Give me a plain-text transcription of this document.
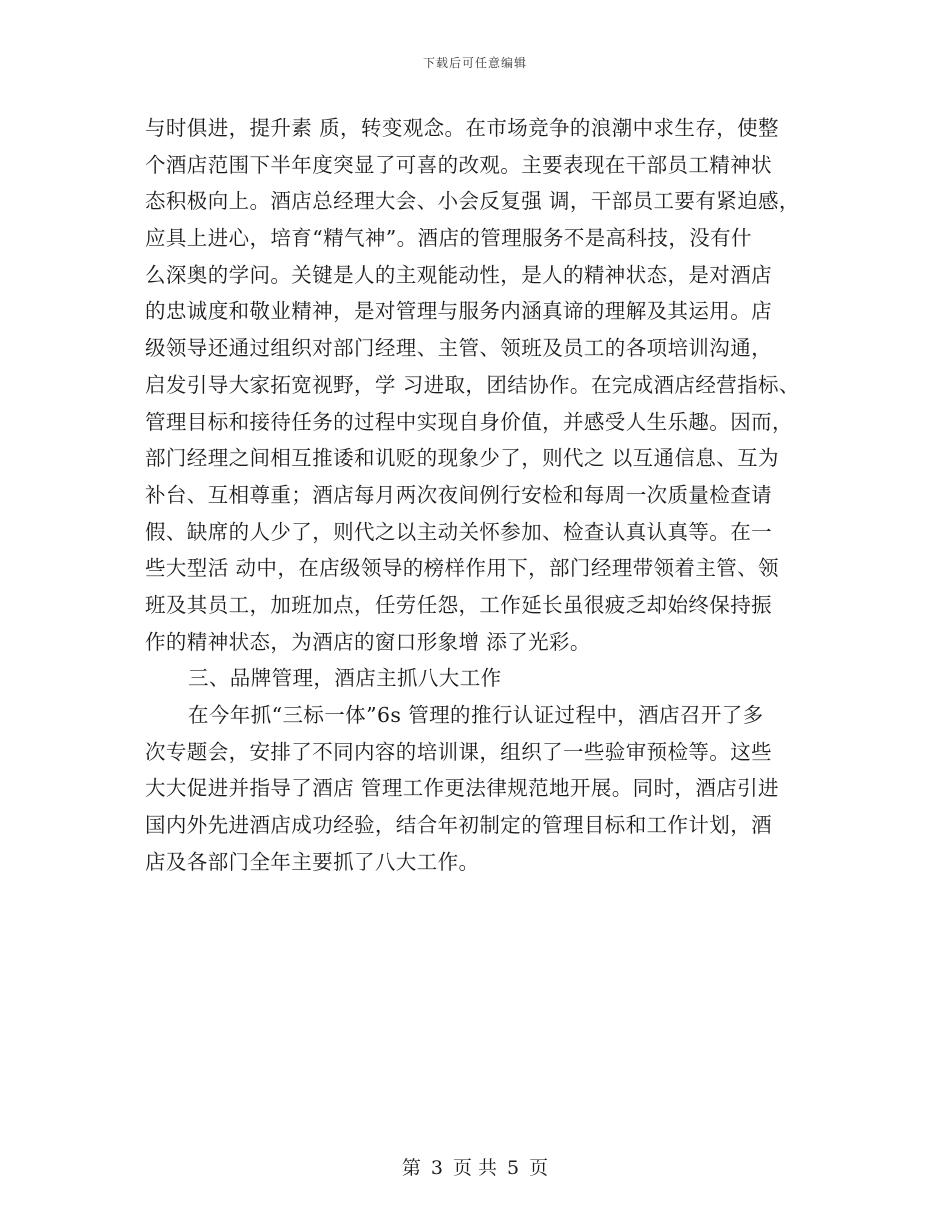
下载后可任意编辑
与时俱进，提升素 质，转变观念。在市场竞争的浪潮中求生存，使整
个酒店范围下半年度突显了可喜的改观。主要表现在干部员工精神状
态积极向上。酒店总经理大会、小会反复强 调，干部员工要有紧迫感，
应具上进心，培育“精气神”。酒店的管理服务不是高科技，没有什
么深奥的学问。关键是人的主观能动性，是人的精神状态，是对酒店
的忠诚度和敬业精神，是对管理与服务内涵真谛的理解及其运用。店
级领导还通过组织对部门经理、主管、领班及员工的各项培训沟通，
启发引导大家拓宽视野，学 习进取，团结协作。在完成酒店经营指标、
管理目标和接待任务的过程中实现自身价值，并感受人生乐趣。因而，
部门经理之间相互推诿和讥贬的现象少了，则代之 以互通信息、互为
补台、互相尊重；酒店每月两次夜间例行安检和每周一次质量检查请
假、缺席的人少了，则代之以主动关怀参加、检查认真认真等。在一
些大型活 动中，在店级领导的榜样作用下，部门经理带领着主管、领
班及其员工，加班加点，任劳任怨，工作延长虽很疲乏却始终保持振
作的精神状态，为酒店的窗口形象增 添了光彩。
三、品牌管理，酒店主抓八大工作
在今年抓“三标一体”6s 管理的推行认证过程中，酒店召开了多
次专题会，安排了不同内容的培训课，组织了一些验审预检等。这些
大大促进并指导了酒店 管理工作更法律规范地开展。同时，酒店引进
国内外先进酒店成功经验，结合年初制定的管理目标和工作计划，酒
店及各部门全年主要抓了八大工作。
第 3 页 共 5 页
